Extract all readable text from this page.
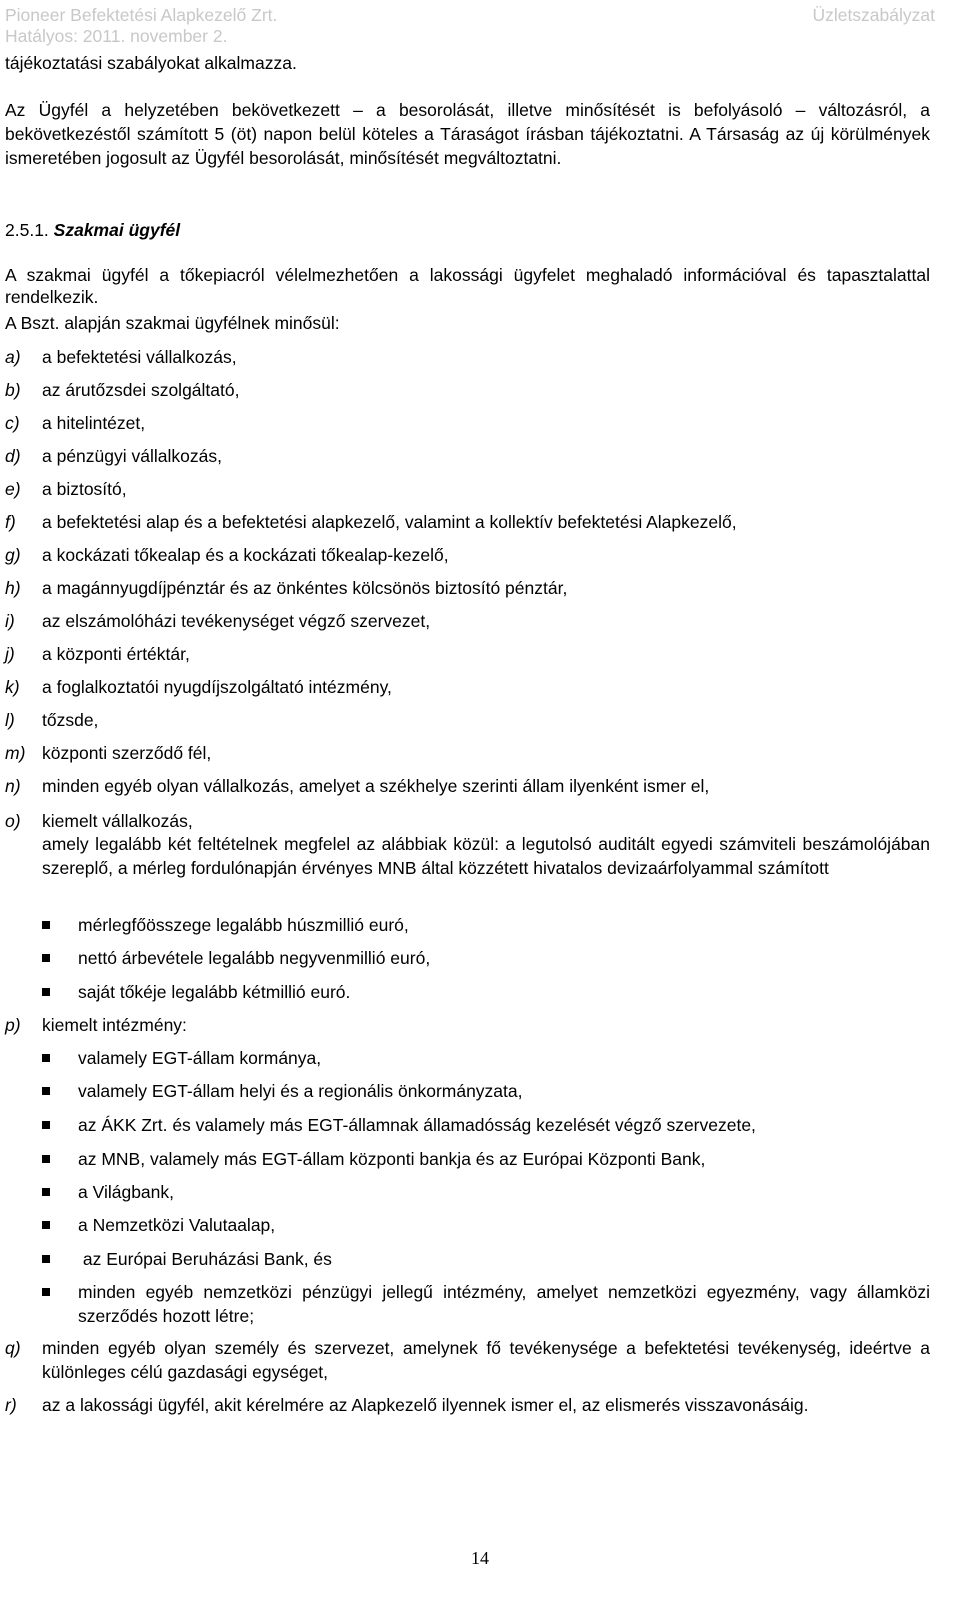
Pioneer Befektetési Alapkezelő Zrt.	Üzletszabályzat
Hatályos: 2011. november 2.
tájékoztatási szabályokat alkalmazza.
Az Ügyfél a helyzetében bekövetkezett – a besorolását, illetve minősítését is befolyásoló – változásról, a bekövetkezéstől számított 5 (öt) napon belül köteles a Táraságot írásban tájékoztatni. A Társaság az új körülmények ismeretében jogosult az Ügyfél besorolását, minősítését megváltoztatni.
2.5.1. Szakmai ügyfél
A szakmai ügyfél a tőkepiacról vélelmezhetően a lakossági ügyfelet meghaladó információval és tapasztalattal rendelkezik.
A Bszt. alapján szakmai ügyfélnek minősül:
a) a befektetési vállalkozás,
b) az árutőzsdei szolgáltató,
c) a hitelintézet,
d) a pénzügyi vállalkozás,
e) a biztosító,
f) a befektetési alap és a befektetési alapkezelő, valamint a kollektív befektetési Alapkezelő,
g) a kockázati tőkealap és a kockázati tőkealap-kezelő,
h) a magánnyugdíjpénztár és az önkéntes kölcsönös biztosító pénztár,
i) az elszámolóházi tevékenységet végző szervezet,
j) a központi értéktár,
k) a foglalkoztatói nyugdíjszolgáltató intézmény,
l) tőzsde,
m) központi szerződő fél,
n) minden egyéb olyan vállalkozás, amelyet a székhelye szerinti állam ilyenként ismer el,
o) kiemelt vállalkozás,
amely legalább két feltételnek megfelel az alábbiak közül: a legutolsó auditált egyedi számviteli beszámolójában szereplő, a mérleg fordulónapján érvényes MNB által közzétett hivatalos devizaárfolyammal számított
mérlegfőösszege legalább húszmillió euró,
nettó árbevétele legalább negyvenmillió euró,
saját tőkéje legalább kétmillió euró.
p) kiemelt intézmény:
valamely EGT-állam kormánya,
valamely EGT-állam helyi és a regionális önkormányzata,
az ÁKK Zrt. és valamely más EGT-államnak államadósság kezelését végző szervezete,
az MNB, valamely más EGT-állam központi bankja és az Európai Központi Bank,
a Világbank,
a Nemzetközi Valutaalap,
az Európai Beruházási Bank, és
minden egyéb nemzetközi pénzügyi jellegű intézmény, amelyet nemzetközi egyezmény, vagy államközi szerződés hozott létre;
q) minden egyéb olyan személy és szervezet, amelynek fő tevékenysége a befektetési tevékenység, ideértve a különleges célú gazdasági egységet,
r) az a lakossági ügyfél, akit kérelmére az Alapkezelő ilyennek ismer el, az elismerés visszavonásáig.
14
